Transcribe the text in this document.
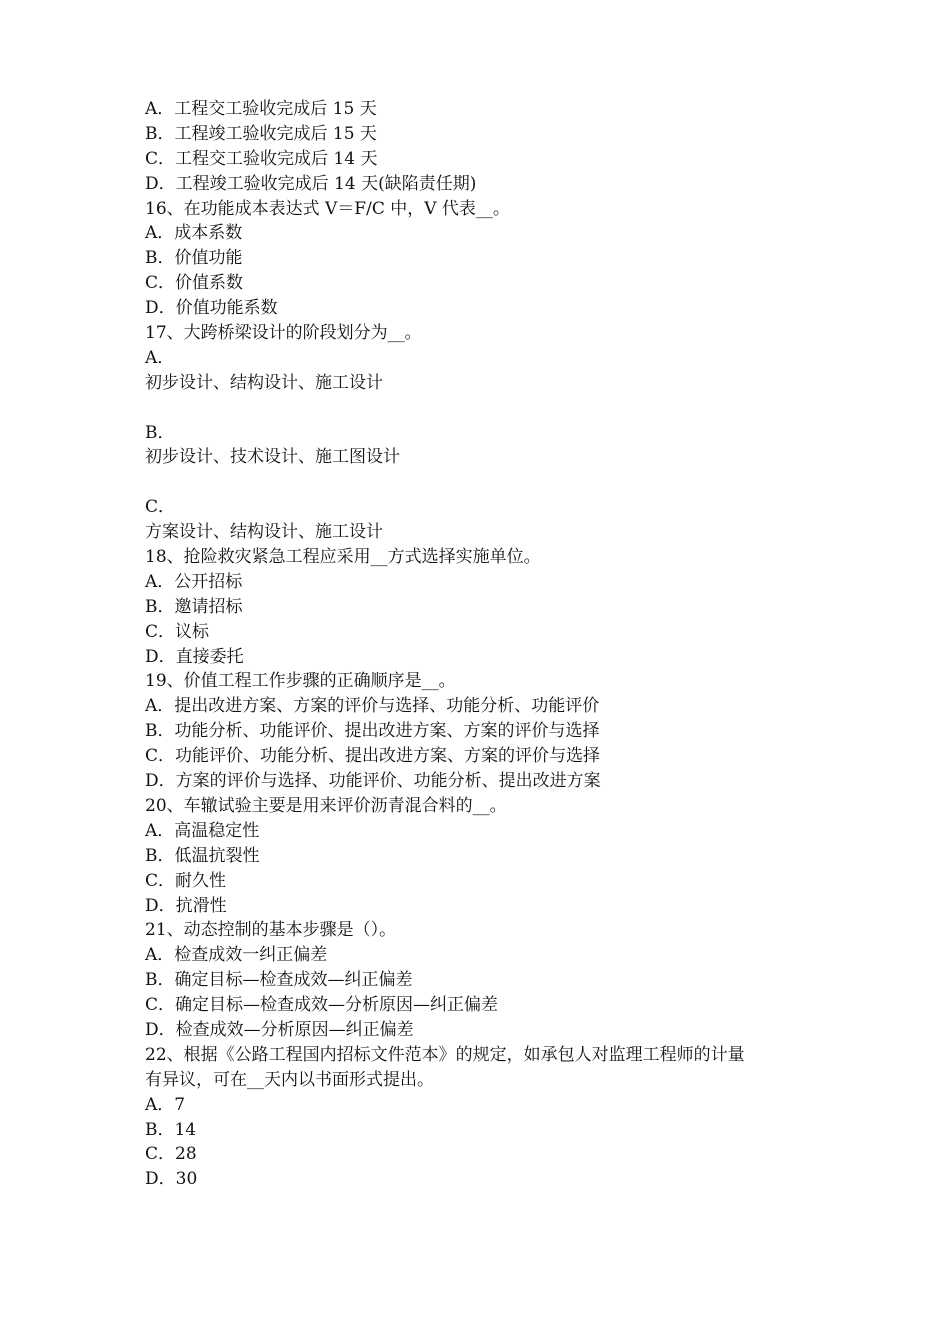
A．工程交工验收完成后 15 天
B．工程竣工验收完成后 15 天
C．工程交工验收完成后 14 天
D．工程竣工验收完成后 14 天(缺陷责任期)
16、在功能成本表达式 V＝F/C 中，V 代表__。
A．成本系数
B．价值功能
C．价值系数
D．价值功能系数
17、大跨桥梁设计的阶段划分为__。
A．
初步设计、结构设计、施工设计
B．
初步设计、技术设计、施工图设计
C．
方案设计、结构设计、施工设计
18、抢险救灾紧急工程应采用__方式选择实施单位。
A．公开招标
B．邀请招标
C．议标
D．直接委托
19、价值工程工作步骤的正确顺序是__。
A．提出改进方案、方案的评价与选择、功能分析、功能评价
B．功能分析、功能评价、提出改进方案、方案的评价与选择
C．功能评价、功能分析、提出改进方案、方案的评价与选择
D．方案的评价与选择、功能评价、功能分析、提出改进方案
20、车辙试验主要是用来评价沥青混合料的__。
A．高温稳定性
B．低温抗裂性
C．耐久性
D．抗滑性
21、动态控制的基本步骤是（）。
A．检查成效一纠正偏差
B．确定目标—检查成效—纠正偏差
C．确定目标—检查成效—分析原因—纠正偏差
D．检查成效—分析原因—纠正偏差
22、根据《公路工程国内招标文件范本》的规定，如承包人对监理工程师的计量
有异议，可在__天内以书面形式提出。
A．7
B．14
C．28
D．30
